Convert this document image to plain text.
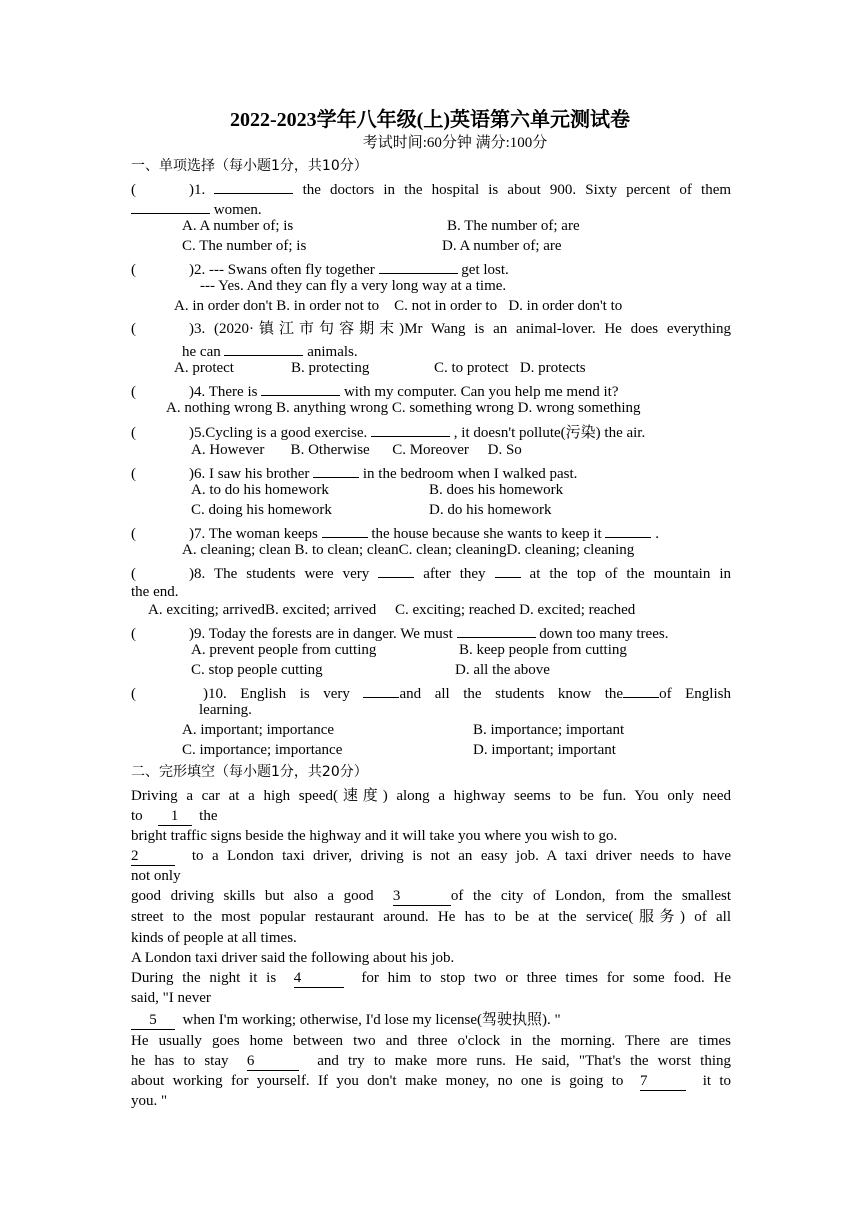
2022-2023学年八年级(上)英语第六单元测试卷
考试时间:60分钟 满分:100分
一、单项选择（每小题1分，共10分）
(	)1.	the doctors in the hospital is about 900. Sixty percent of them
women.
A. A number of; is	B. The number of; are
C. The number of; is	D. A number of; are
(	)2. --- Swans often fly together	get lost.
--- Yes. And they can fly a very long way at a time.
A. in order don't B. in order not to    C. not in order to   D. in order don't to
(	)3. (2020·镇江市句容期末)Mr Wang is an animal-lover. He does everything
he can	animals.
A. protect	B. protecting	C. to protect   D. protects
(	)4. There is	with my computer. Can you help me mend it?
A. nothing wrong B. anything wrong C. something wrong D. wrong something
(	)5.Cycling is a good exercise.	, it doesn't pollute(污染) the air.
A. However       B. Otherwise      C. Moreover     D. So
(	)6. I saw his brother	in the bedroom when I walked past.
A. to do his homework	B. does his homework
C. doing his homework	D. do his homework
(	)7. The woman keeps	the house because she wants to keep it	.
A. cleaning; clean B. to clean; cleanC. clean; cleaningD. cleaning; cleaning
(	)8. The students were very	after they	at the top of the mountain in
the end.
A. exciting; arrivedB. excited; arrived     C. exciting; reached D. excited; reached
(	)9. Today the forests are in danger. We must	down too many trees.
A. prevent people from cutting	B. keep people from cutting
C. stop people cutting	D. all the above
(	)10. English is very	and all the students know the of English
learning.
A. important; importance	B. importance; important
C. importance; importance	D. important; important
二、完形填空（每小题1分，共20分）
Driving a car at a high speed(速度) along a highway seems to be fun. You only need
to 1 the
bright traffic signs beside the highway and it will take you where you wish to go.
2	to a London taxi driver, driving is not an easy job. A taxi driver needs to have
not only
good driving skills but also a good 3	of the city of London, from the smallest
street to the most popular restaurant around. He has to be at the service(服务) of all
kinds of people at all times.
A London taxi driver said the following about his job.
During the night it is 4	for him to stop two or three times for some food. He
said, "I never
5 when I'm working; otherwise, I'd lose my license(驾驶执照). "
He usually goes home between two and three o'clock in the morning. There are times
he has to stay 6	and try to make more runs. He said, "That's the worst thing
about working for yourself. If you don't make money, no one is going to 7	it to
you. "
